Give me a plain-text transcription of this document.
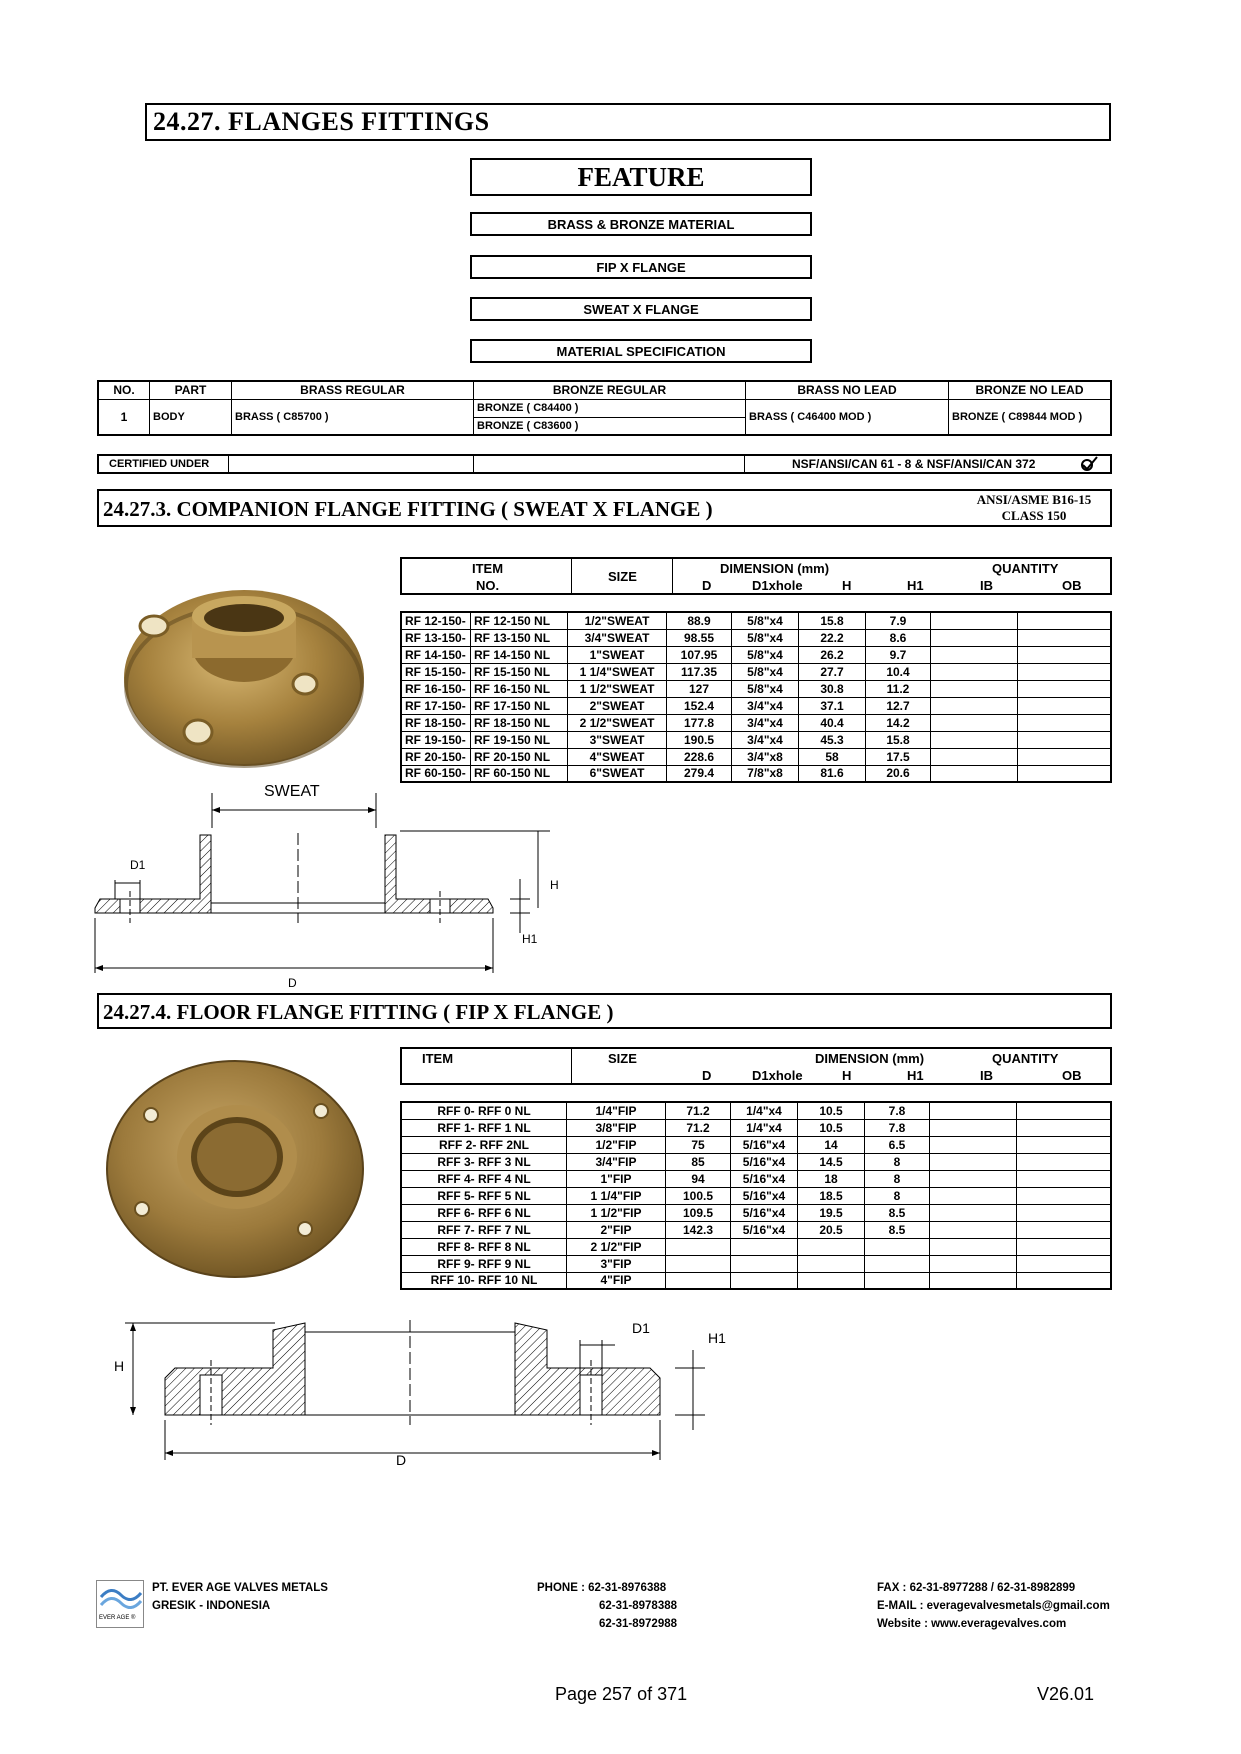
24.27. FLANGES FITTINGS
FEATURE
BRASS & BRONZE MATERIAL
FIP X FLANGE
SWEAT X FLANGE
MATERIAL SPECIFICATION
NO.	PART	BRASS REGULAR	BRONZE REGULAR	BRASS NO LEAD	BRONZE NO LEAD
1	BODY	BRASS ( C85700 )	BRONZE ( C84400 )	BRASS ( C46400 MOD )	BRONZE ( C89844 MOD )
			BRONZE ( C83600 )		
CERTIFIED UNDER	NSF/ANSI/CAN 61 - 8 & NSF/ANSI/CAN 372
24.27.3. COMPANION FLANGE FITTING ( SWEAT X FLANGE )	ANSI/ASME B16-15
CLASS 150
ITEM
NO.
SIZE
DIMENSION (mm)
D	D1xhole	H	H1
QUANTITY
IB	OB
RF 12-150-	RF 12-150 NL	1/2"SWEAT	88.9	5/8"x4	15.8	7.9		
RF 13-150-	RF 13-150 NL	3/4"SWEAT	98.55	5/8"x4	22.2	8.6		
RF 14-150-	RF 14-150 NL	1"SWEAT	107.95	5/8"x4	26.2	9.7		
RF 15-150-	RF 15-150 NL	1 1/4"SWEAT	117.35	5/8"x4	27.7	10.4		
RF 16-150-	RF 16-150 NL	1 1/2"SWEAT	127	5/8"x4	30.8	11.2		
RF 17-150-	RF 17-150 NL	2"SWEAT	152.4	3/4"x4	37.1	12.7		
RF 18-150-	RF 18-150 NL	2 1/2"SWEAT	177.8	3/4"x4	40.4	14.2		
RF 19-150-	RF 19-150 NL	3"SWEAT	190.5	3/4"x4	45.3	15.8		
RF 20-150-	RF 20-150 NL	4"SWEAT	228.6	3/4"x8	58	17.5		
RF 60-150-	RF 60-150 NL	6"SWEAT	279.4	7/8"x8	81.6	20.6		
SWEAT
D1
H
H1
D
24.27.4. FLOOR FLANGE FITTING ( FIP X FLANGE )
ITEM	SIZE	DIMENSION (mm)
D	D1xhole	H	H1
QUANTITY
IB	OB
RFF 0- RFF 0 NL	1/4"FIP	71.2	1/4"x4	10.5	7.8		
RFF 1- RFF 1 NL	3/8"FIP	71.2	1/4"x4	10.5	7.8		
RFF 2- RFF 2NL	1/2"FIP	75	5/16"x4	14	6.5		
RFF 3- RFF 3 NL	3/4"FIP	85	5/16"x4	14.5	8		
RFF 4- RFF 4 NL	1"FIP	94	5/16"x4	18	8		
RFF 5- RFF 5 NL	1 1/4"FIP	100.5	5/16"x4	18.5	8		
RFF 6- RFF 6 NL	1 1/2"FIP	109.5	5/16"x4	19.5	8.5		
RFF 7- RFF 7 NL	2"FIP	142.3	5/16"x4	20.5	8.5		
RFF 8- RFF 8 NL	2 1/2"FIP						
RFF 9- RFF 9 NL	3"FIP						
RFF 10- RFF 10 NL	4"FIP						
D1
H1
H
D
EVER AGE ®
PT. EVER AGE VALVES METALS
GRESIK - INDONESIA
PHONE : 62-31-8976388
62-31-8978388
62-31-8972988
FAX : 62-31-8977288 / 62-31-8982899
E-MAIL : everagevalvesmetals@gmail.com
Website : www.everagevalves.com
Page 257 of 371	V26.01
